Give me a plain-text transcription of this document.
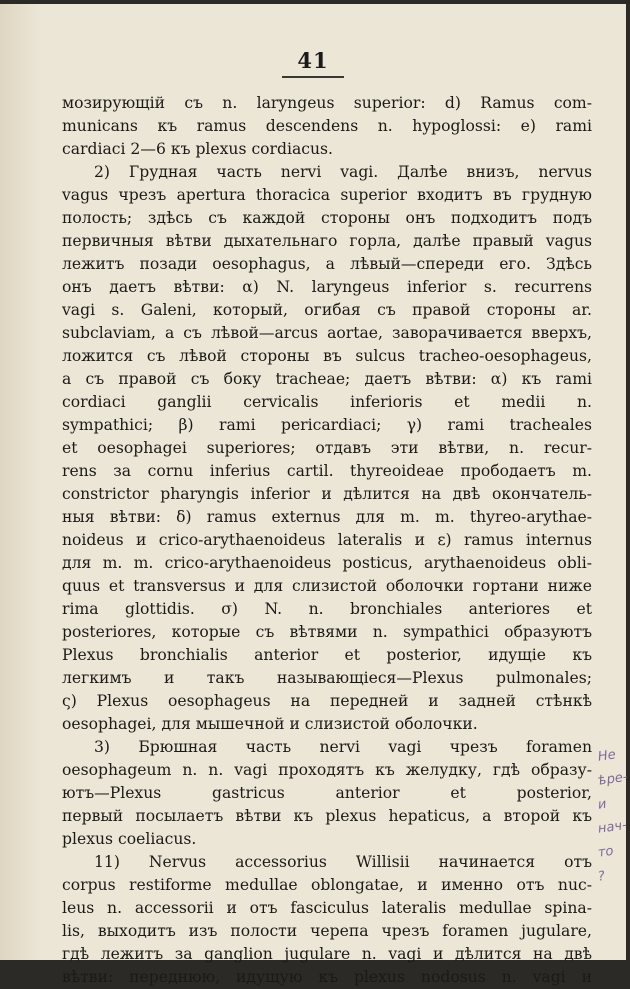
41
мозирующій съ n. laryngeus superior: d) Ramus com-
municans къ ramus descendens n. hypoglossi: e) rami
cardiaci 2—6 къ plexus cordiacus.
2) Грудная часть nervi vagi. Далѣе внизъ, nervus
vagus чрезъ apertura thoracica superior входитъ въ грудную
полость; здѣсь съ каждой стороны онъ подходитъ подъ
первичныя вѣтви дыхательнаго горла, далѣе правый vagus
лежитъ позади oesophagus, а лѣвый—спереди его. Здѣсь
онъ даетъ вѣтви: α) N. laryngeus inferior s. recurrens
vagi s. Galeni, который, огибая съ правой стороны ar.
subclaviam, а съ лѣвой—arcus aortae, заворачивается вверхъ,
ложится съ лѣвой стороны въ sulcus tracheo-oesophageus,
а съ правой съ боку tracheae; даетъ вѣтви: α) къ rami
cordiaci gangliі cervicalis inferioris et medii n.
sympathici; β) rami pericardiaci; γ) rami tracheales
et oesophagei superiores; отдавъ эти вѣтви, n. recur-
rens за cornu inferius cartil. thyreoideae прободаетъ m.
constrictor pharyngis inferior и дѣлится на двѣ окончатель-
ныя вѣтви: δ) ramus externus для m. m. thyreo-arythae-
noideus и crico-arythaenoideus lateralis и ε) ramus internus
для m. m. crico-arythaenoideus posticus, arythaenoideus obli-
quus et transversus и для слизистой оболочки гортани ниже
rima glottidis. σ) N. n. bronchiales anteriores et
posteriores, которые съ вѣтвями n. sympathici образуютъ
Plexus bronchialis anterior et posterior, идущіе къ
легкимъ и такъ называющіеся—Plexus pulmonales;
ς) Plexus oesophageus на передней и задней стѣнкѣ
oesophagei, для мышечной и слизистой оболочки.
3) Брюшная часть nervi vagi чрезъ foramen
oesophageum n. n. vagi проходятъ къ желудку, гдѣ образу-
ютъ—Plexus gastricus anterior et posterior,
первый посылаетъ вѣтви къ plexus hepaticus, а второй къ
plexus coeliacus.
11) Nervus accessorius Willisii начинается отъ
corpus restiforme medullae oblongatae, и именно отъ nuc-
leus n. accessorii и отъ fasciculus lateralis medullae spinа-
lis, выходитъ изъ полости черепа чрезъ foramen jugulare,
гдѣ лежитъ за ganglion jugulare n. vagi и дѣлится на двѣ
вѣтви: переднюю, идущую къ plexus nodosus n. vagi и
Не
ѣре-
и
нач-
то
?
